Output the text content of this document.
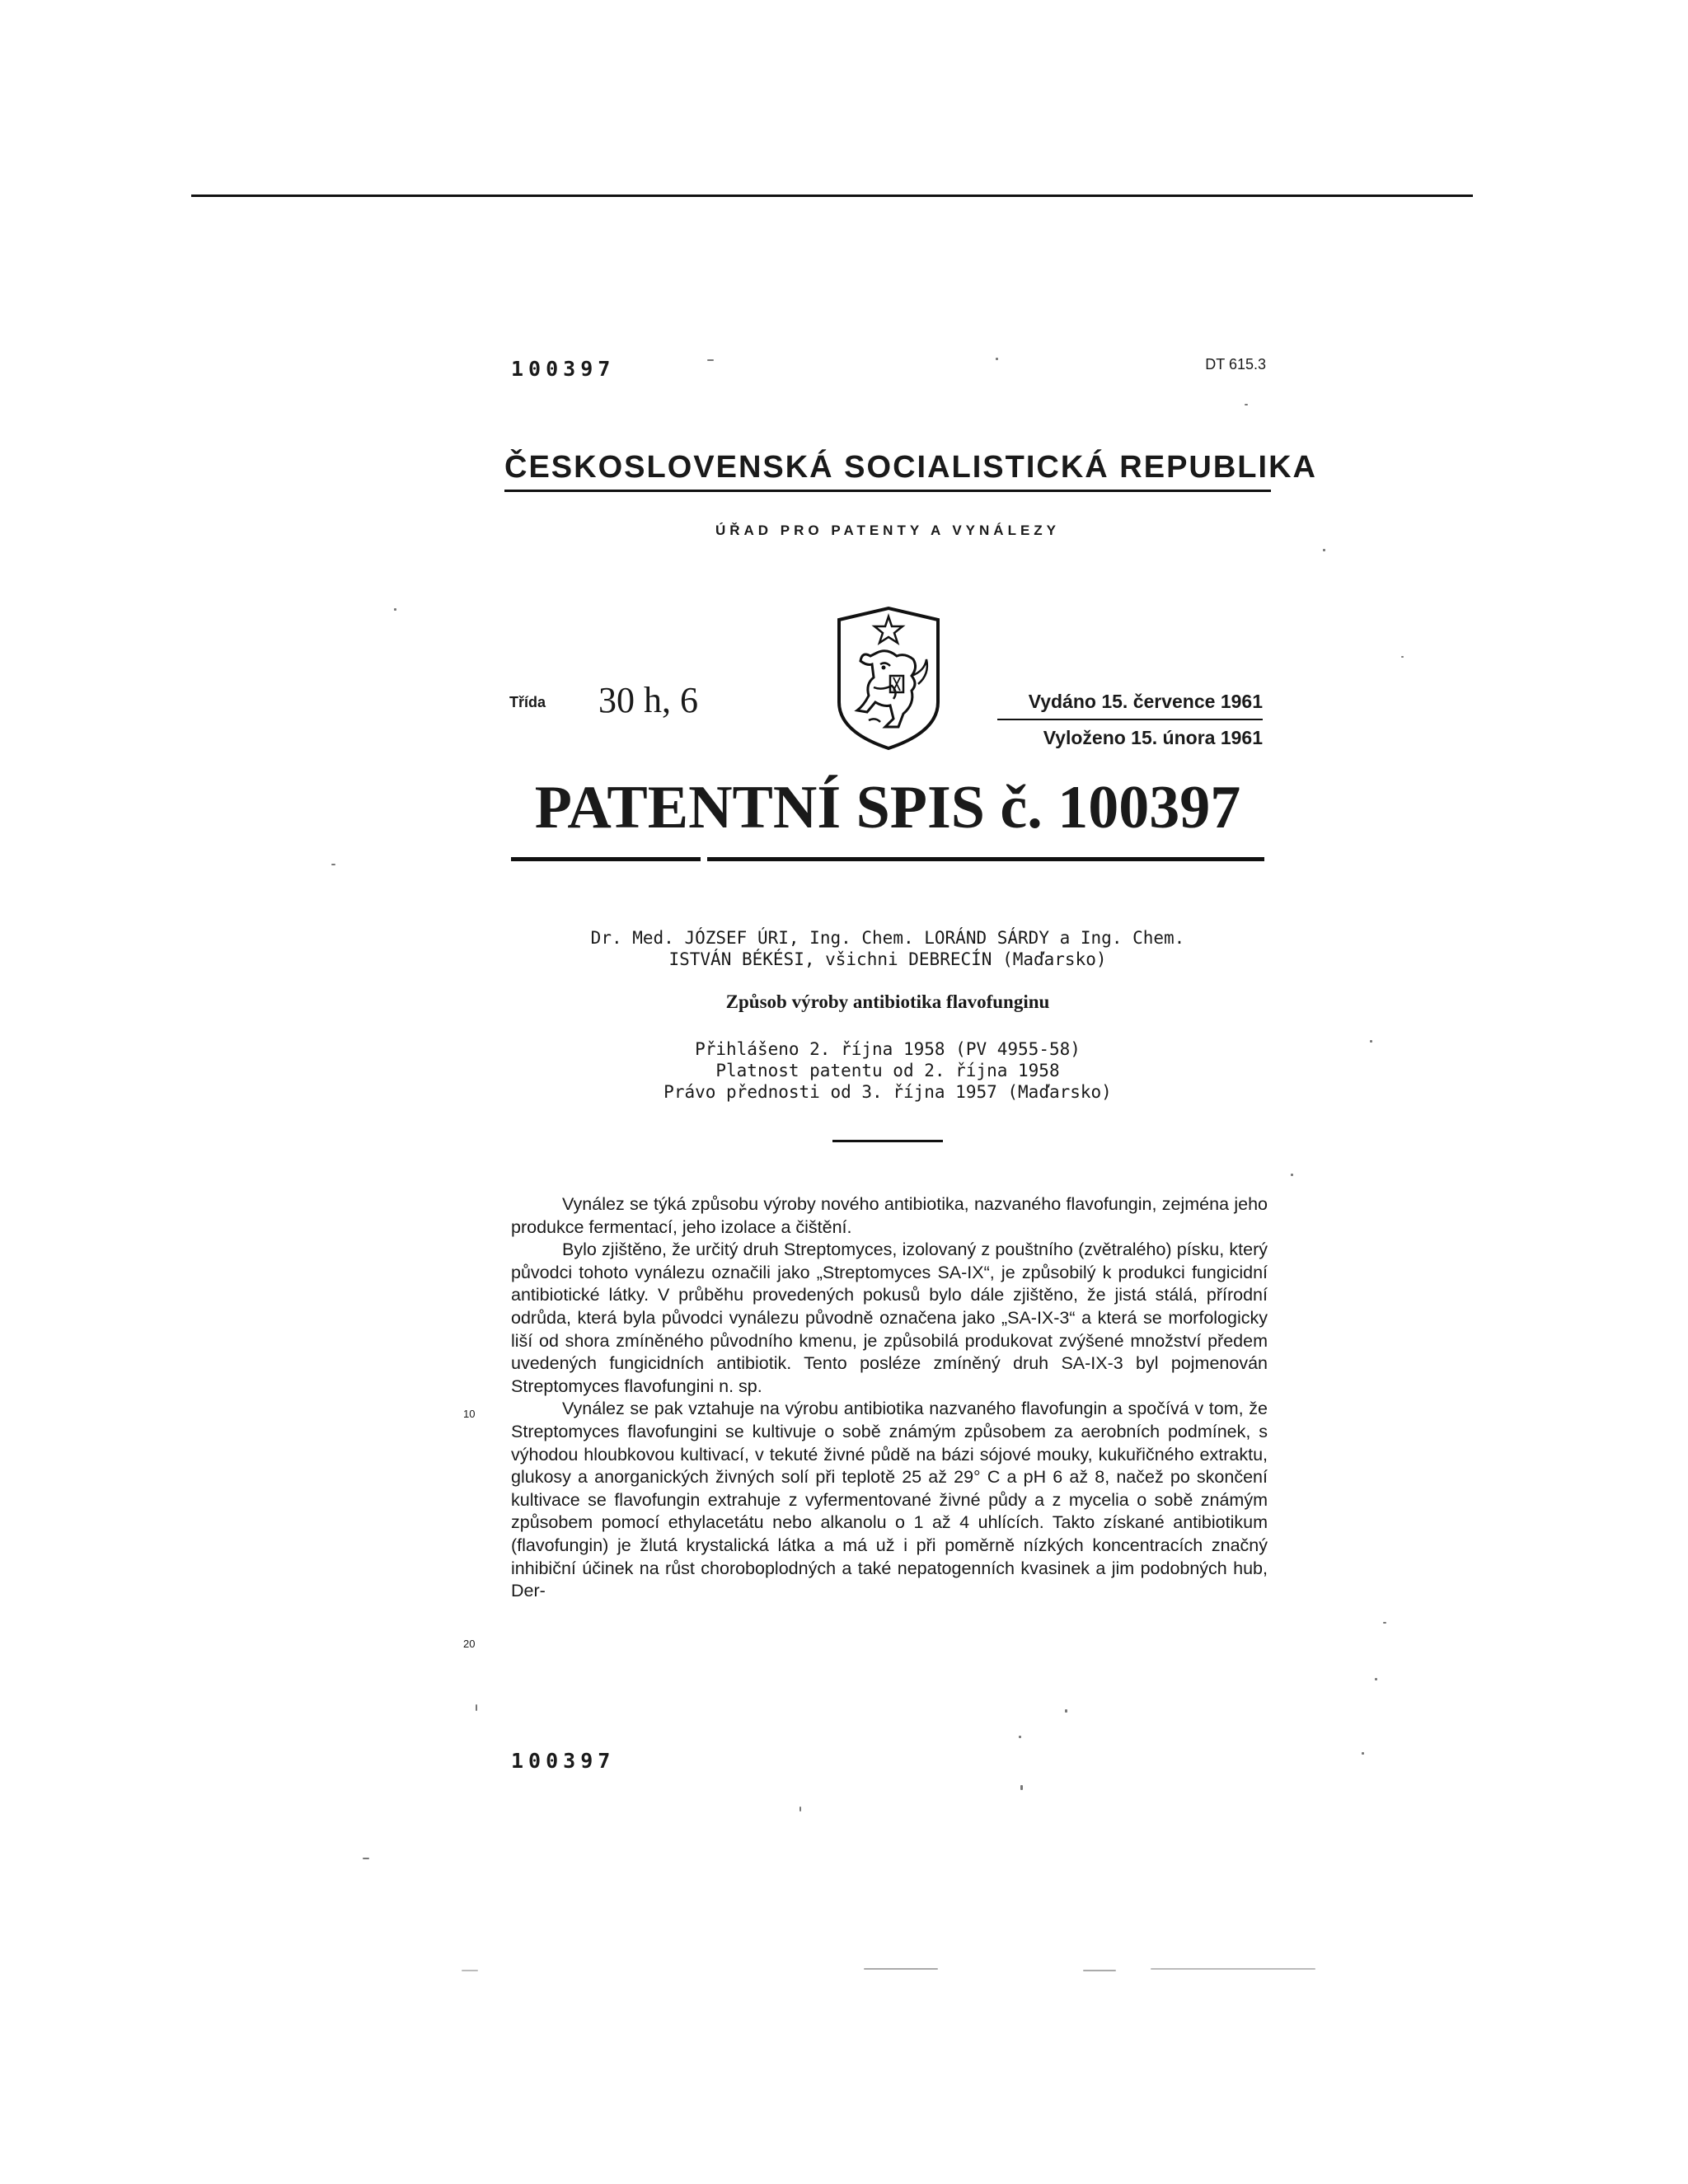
100397	DT 615.3
ČESKOSLOVENSKÁ SOCIALISTICKÁ REPUBLIKA
ÚŘAD PRO PATENTY A VYNÁLEZY
Třída 30 h, 6	Vydáno 15. července 1961
Vyloženo 15. února 1961
PATENTNÍ SPIS č. 100397
Dr. Med. JÓZSEF ÚRI, Ing. Chem. LORÁND SÁRDY a Ing. Chem.
ISTVÁN BÉKÉSI, všichni DEBRECÍN (Maďarsko)
Způsob výroby antibiotika flavofunginu
Přihlášeno 2. října 1958 (PV 4955-58)
Platnost patentu od 2. října 1958
Právo přednosti od 3. října 1957 (Maďarsko)

Vynález se týká způsobu výroby nového antibiotika, nazvaného flavofungin, zejména jeho produkce fermentací, jeho izolace a čištění.

Bylo zjištěno, že určitý druh Streptomyces, izolovaný z pouštního (zvětralého) písku, který původci tohoto vynálezu označili jako „Streptomyces SA-IX“, je způsobilý k produkci fungicidní antibiotické látky. V průběhu provedených pokusů bylo dále zjištěno, že jistá stálá, přírodní odrůda, která byla původci vynálezu původně označena jako „SA-IX-3“ a která se morfologicky liší od shora zmíněného původního kmenu, je způsobilá produkovat zvýšené množství předem uvedených fungicidních antibiotik. Tento posléze zmíněný druh SA-IX-3 byl pojmenován Streptomyces flavofungini n. sp.

Vynález se pak vztahuje na výrobu antibiotika nazvaného flavofungin a spočívá v tom, že Streptomyces flavofungini se kultivuje o sobě známým způsobem za aerobních podmínek, s výhodou hloubkovou kultivací, v tekuté živné půdě na bázi sójové mouky, kukuřičného extraktu, glukosy a anorganických živných solí při teplotě 25 až 29° C a pH 6 až 8, načež po skončení kultivace se flavofungin extrahuje z vyfermentované živné půdy a z mycelia o sobě známým způsobem pomocí ethylacetátu nebo alkanolu o 1 až 4 uhlících. Takto získané antibiotikum (flavofungin) je žlutá krystalická látka a má už i při poměrně nízkých koncentracích značný inhibiční účinek na růst choroboplodných a také nepatogenních kvasinek a jim podobných hub, Der-

10
20
100397
